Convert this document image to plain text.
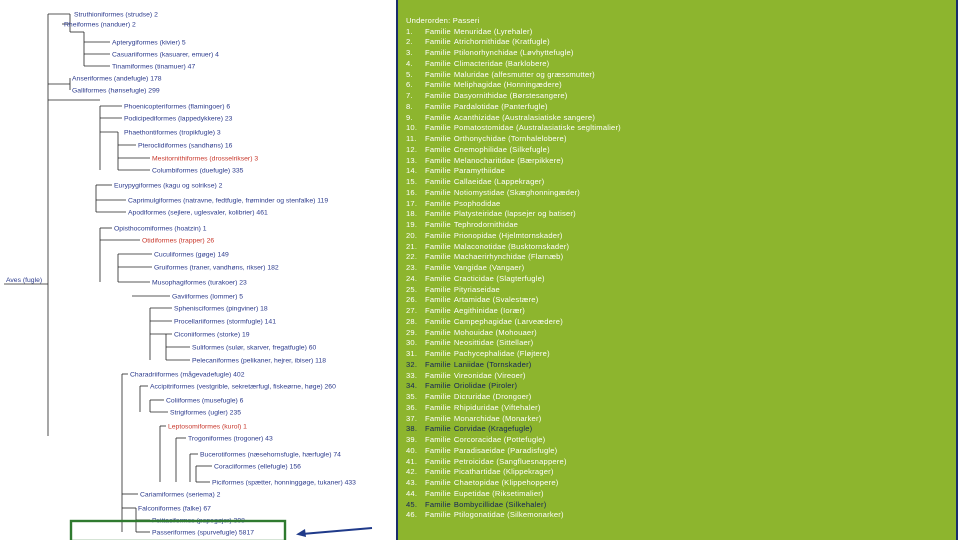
Aves (fugle)
Struthioniformes (strudse) 2
Rheiformes (nanduer) 2
Apterygiformes (kivier) 5
Casuariiformes (kasuarer, emuer) 4
Tinamiformes (tinamuer) 47
Anseriformes (andefugle) 178
Galliformes (hønsefugle) 299
Phoenicopteriformes (flamingoer) 6
Podicipediformes (lappedykkere) 23
Phaethontiformes (tropikfugle) 3
Pteroclidiformes (sandhøns) 16
Mesitornithiformes (drosselrikser) 3
Columbiformes (duefugle) 335
Eurypygiformes (kagu og solrikse) 2
Caprimulgiformes (natravne, fedtfugle, frøminder og stenfalke) 119
Apodiformes (sejlere, uglesvaler, kolibrier) 461
Opisthocomiformes (hoatzin) 1
Otidiformes (trapper) 26
Cuculiformes (gøge) 149
Gruiformes (traner, vandhøns, rikser) 182
Musophagiformes (turakoer) 23
Gaviiformes (lommer) 5
Sphenisciformes (pingviner) 18
Procellariiformes (stormfugle) 141
Ciconiiformes (storke) 19
Suliformes (sulør, skarver, fregatfugle) 60
Pelecaniformes (pelikaner, hejrer, ibiser) 118
Charadriiformes (mågevadefugle) 402
Accipitriformes (vestgrible, sekretærfugl, fiskeørne, høge) 260
Coliiformes (musefugle) 6
Strigiformes (ugler) 235
Leptosomiformes (kurol) 1
Trogoniformes (trogoner) 43
Bucerotiformes (næsehornsfugle, hærfugle) 74
Coraciiformes (ellefugle) 156
Piciformes (spætter, honninggøge, tukaner) 433
Cariamiformes (seriema) 2
Falconiformes (falke) 67
Psittaciformes (papegøjer) 398
Passeriformes (spurvefugle) 5817
Underorden: Passeri
1. Familie Menuridae (Lyrehaler)
2. Familie Atrichornithidae (Kratfugle)
3. Familie Ptilonorhynchidae (Løvhyttefugle)
4. Familie Climacteridae (Barklobere)
5. Familie Maluridae (alfesmutter og græssmutter)
6. Familie Meliphagidae (Honningædere)
7. Familie Dasyornithidae (Børstesangere)
8. Familie Pardalotidae (Panterfugle)
9. Familie Acanthizidae (Australasiatiske sangere)
10. Familie Pomatostomidae (Australasiatiske segltimalier)
11. Familie Orthonychidae (Tornhalelobere)
12. Familie Cnemophilidae (Silkefugle)
13. Familie Melanocharitidae (Bærpikkere)
14. Familie Paramythiidae
15. Familie Callaeidae (Lappekrager)
16. Familie Notiomystidae (Skæghonningæder)
17. Familie Psophodidae
18. Familie Platysteiridae (lapsejer og batiser)
19. Familie Tephrodornithidae
20. Familie Prionopidae (Hjelmtornskader)
21. Familie Malaconotidae (Busktornskader)
22. Familie Machaerirhynchidae (Flarnæb)
23. Familie Vangidae (Vangaer)
24. Familie Cracticidae (Slagterfugle)
25. Familie Pityriaseidae
26. Familie Artamidae (Svalestære)
27. Familie Aegithinidae (Iorær)
28. Familie Campephagidae (Larveædere)
29. Familie Mohouidae (Mohouaer)
30. Familie Neosittidae (Sittellaer)
31. Familie Pachycephalidae (Fløjtere)
32. Familie Laniidae (Tornskader)
33. Familie Vireonidae (Vireoer)
34. Familie Oriolidae (Piroler)
35. Familie Dicruridae (Drongoer)
36. Familie Rhipiduridae (Viftehaler)
37. Familie Monarchidae (Monarker)
38. Familie Corvidae (Kragefugle)
39. Familie Corcoracidae (Pottefugle)
40. Familie Paradisaeidae (Paradisfugle)
41. Familie Petroicidae (Sangfluesnappere)
42. Familie Picathartidae (Klippekrager)
43. Familie Chaetopidae (Klippehoppere)
44. Familie Eupetidae (Riksetimalier)
45. Familie Bombycillidae (Silkehaler)
46. Familie Ptilogonatidae (Silkemonarker)
